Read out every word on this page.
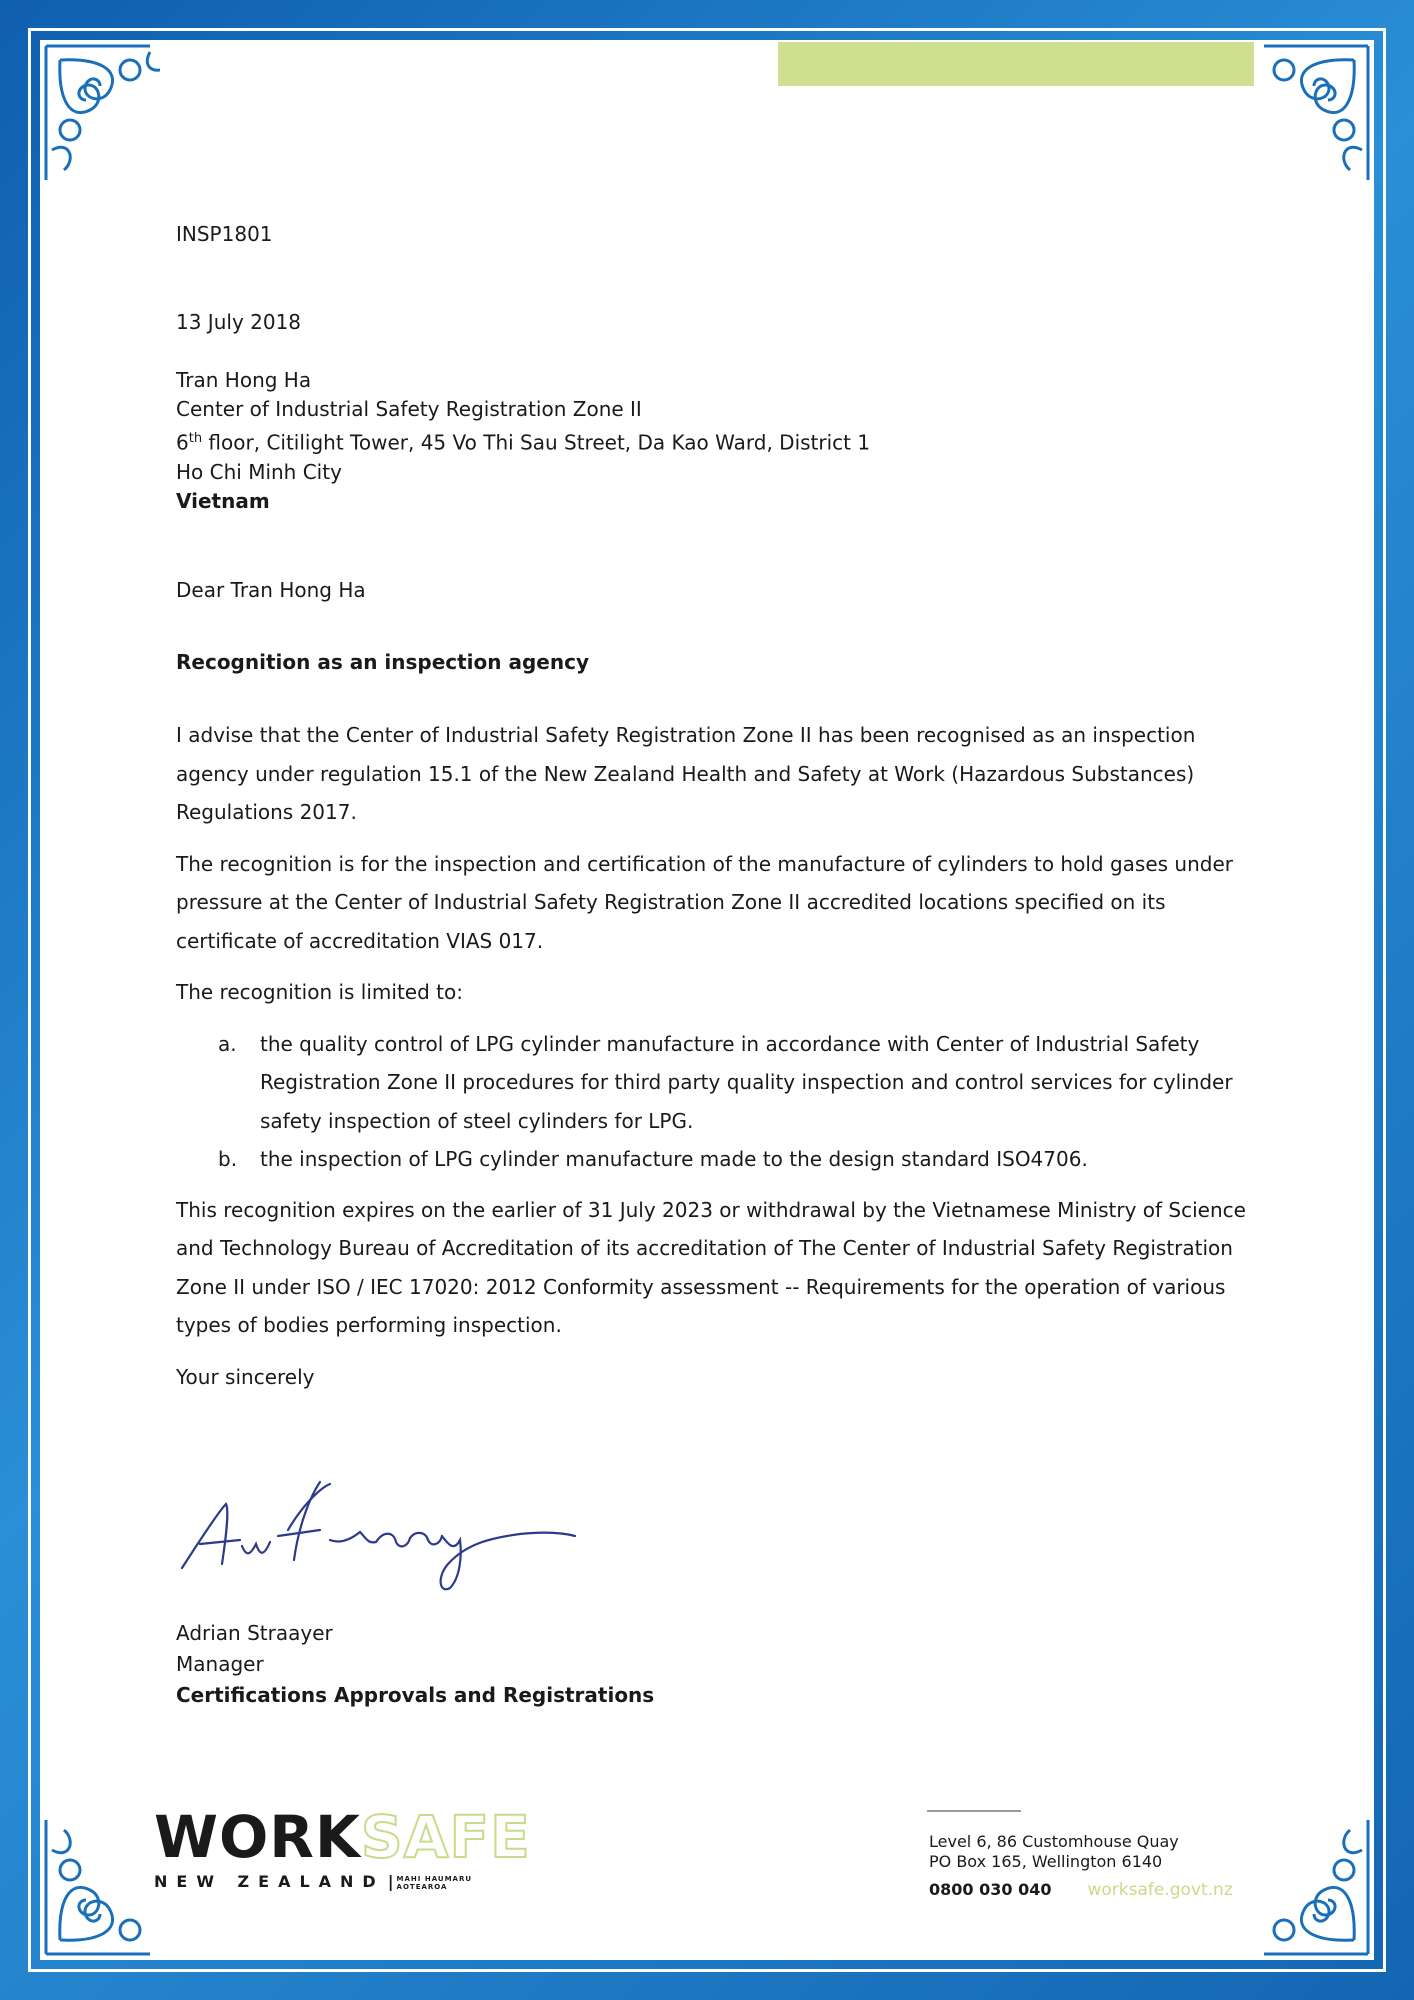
INSP1801
13 July 2018
Tran Hong Ha
Center of Industrial Safety Registration Zone II
6th floor, Citilight Tower, 45 Vo Thi Sau Street, Da Kao Ward, District 1
Ho Chi Minh City
Vietnam
Dear Tran Hong Ha
Recognition as an inspection agency

I advise that the Center of Industrial Safety Registration Zone II has been recognised as an inspection agency under regulation 15.1 of the New Zealand Health and Safety at Work (Hazardous Substances) Regulations 2017.

The recognition is for the inspection and certification of the manufacture of cylinders to hold gases under pressure at the Center of Industrial Safety Registration Zone II accredited locations specified on its certificate of accreditation VIAS 017.

The recognition is limited to:

a. the quality control of LPG cylinder manufacture in accordance with Center of Industrial Safety Registration Zone II procedures for third party quality inspection and control services for cylinder safety inspection of steel cylinders for LPG.
b. the inspection of LPG cylinder manufacture made to the design standard ISO4706.

This recognition expires on the earlier of 31 July 2023 or withdrawal by the Vietnamese Ministry of Science and Technology Bureau of Accreditation of its accreditation of The Center of Industrial Safety Registration Zone II under ISO / IEC 17020: 2012 Conformity assessment -- Requirements for the operation of various types of bodies performing inspection.

Your sincerely

Adrian Straayer
Manager
Certifications Approvals and Registrations
WORKSAFE
NEW ZEALAND | MAHI HAUMARU
AOTEAROA
Level 6, 86 Customhouse Quay
PO Box 165, Wellington 6140
0800 030 040 worksafe.govt.nz
